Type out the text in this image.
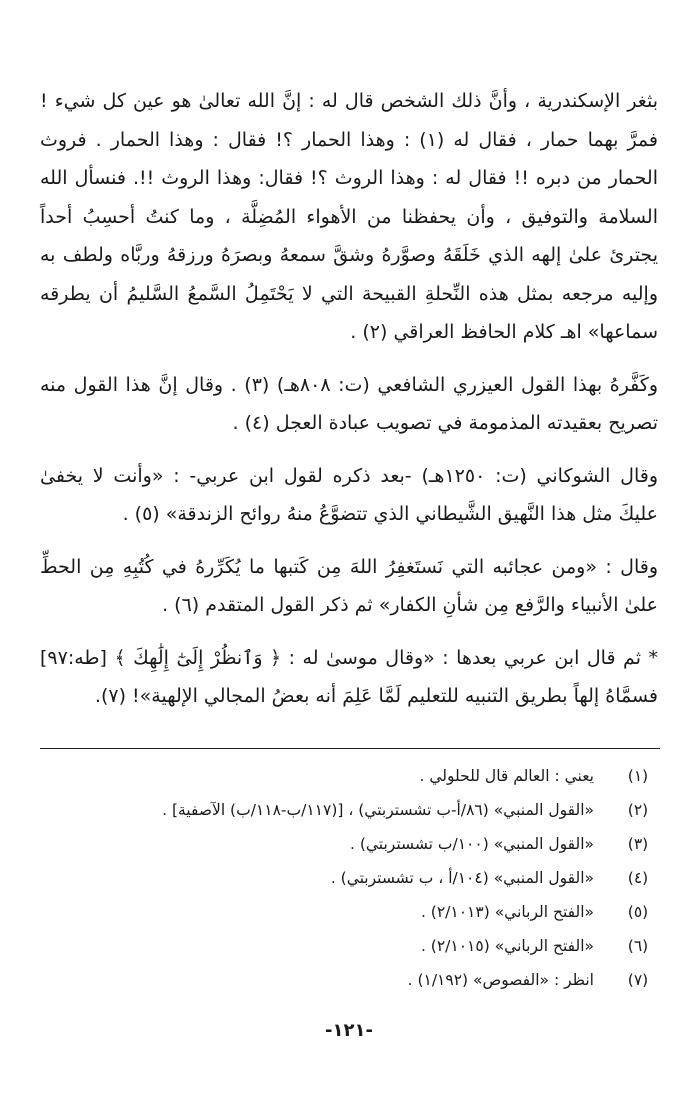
بثغر الإسكندرية ، وأنَّ ذلك الشخص قال له : إنَّ الله تعالىٰ هو عين كل شيء ! فمرَّ بهما حمار ، فقال له (١) : وهذا الحمار ؟! فقال : وهذا الحمار . فروث الحمار من دبره !! فقال له : وهذا الروث ؟! فقال: وهذا الروث !!. فنسأل الله السلامة والتوفيق ، وأن يحفظنا من الأهواء المُضِلَّة ، وما كنتُ أحسِبُ أحداً يجترئ علىٰ إلهه الذي خَلَقَهُ وصوَّرهُ وشقَّ سمعهُ وبصرَهُ ورزقهُ وربَّاه ولطف به وإليه مرجعه بمثل هذه النِّحلةِ القبيحة التي لا يَحْتَمِلُ السَّمعُ السَّليمُ أن يطرقه سماعها» اهـ كلام الحافظ العراقي (٢) .

وكَفَّرهُ بهذا القول العيزري الشافعي (ت: ٨٠٨هـ) (٣) . وقال إنَّ هذا القول منه تصريح بعقيدته المذمومة في تصويب عبادة العجل (٤) .

وقال الشوكاني (ت: ١٢٥٠هـ) -بعد ذكره لقول ابن عربي- : «وأنت لا يخفىٰ عليكَ مثل هذا النَّهيق الشَّيطاني الذي تتضوَّعُ منهُ روائح الزندقة» (٥) .

وقال : «ومن عجائبه التي نَستَغفِرُ اللهَ مِن كَتبها ما يُكَرِّرهُ في كُتُبِهِ مِن الحطِّ علىٰ الأنبياء والرَّفع مِن شأنِ الكفار» ثم ذكر القول المتقدم (٦) .

* ثم قال ابن عربي بعدها : «وقال موسىٰ له : ﴿ وَٱنظُرْ إِلَىٰٓ إِلَٰهِكَ ﴾ [طه:٩٧] فسمَّاهُ إلهاً بطريق التنبيه للتعليم لَمَّا عَلِمَ أنه بعضُ المجالي الإلهية»! (٧).

(١)يعني : العالم قال للحلولي .
(٢)«القول المنبي» (٨٦/أ-ب تشستربتي) ، [(١١٧/ب-١١٨/ب) الآصفية] .
(٣)«القول المنبي» (١٠٠/ب تشستربتي) .
(٤)«القول المنبي» (١٠٤/أ ، ب تشستربتي) .
(٥)«الفتح الرباني» (٢/١٠١٣) .
(٦)«الفتح الرباني» (٢/١٠١٥) .
(٧)انظر : «الفصوص» (١/١٩٢) .
-١٢١-
